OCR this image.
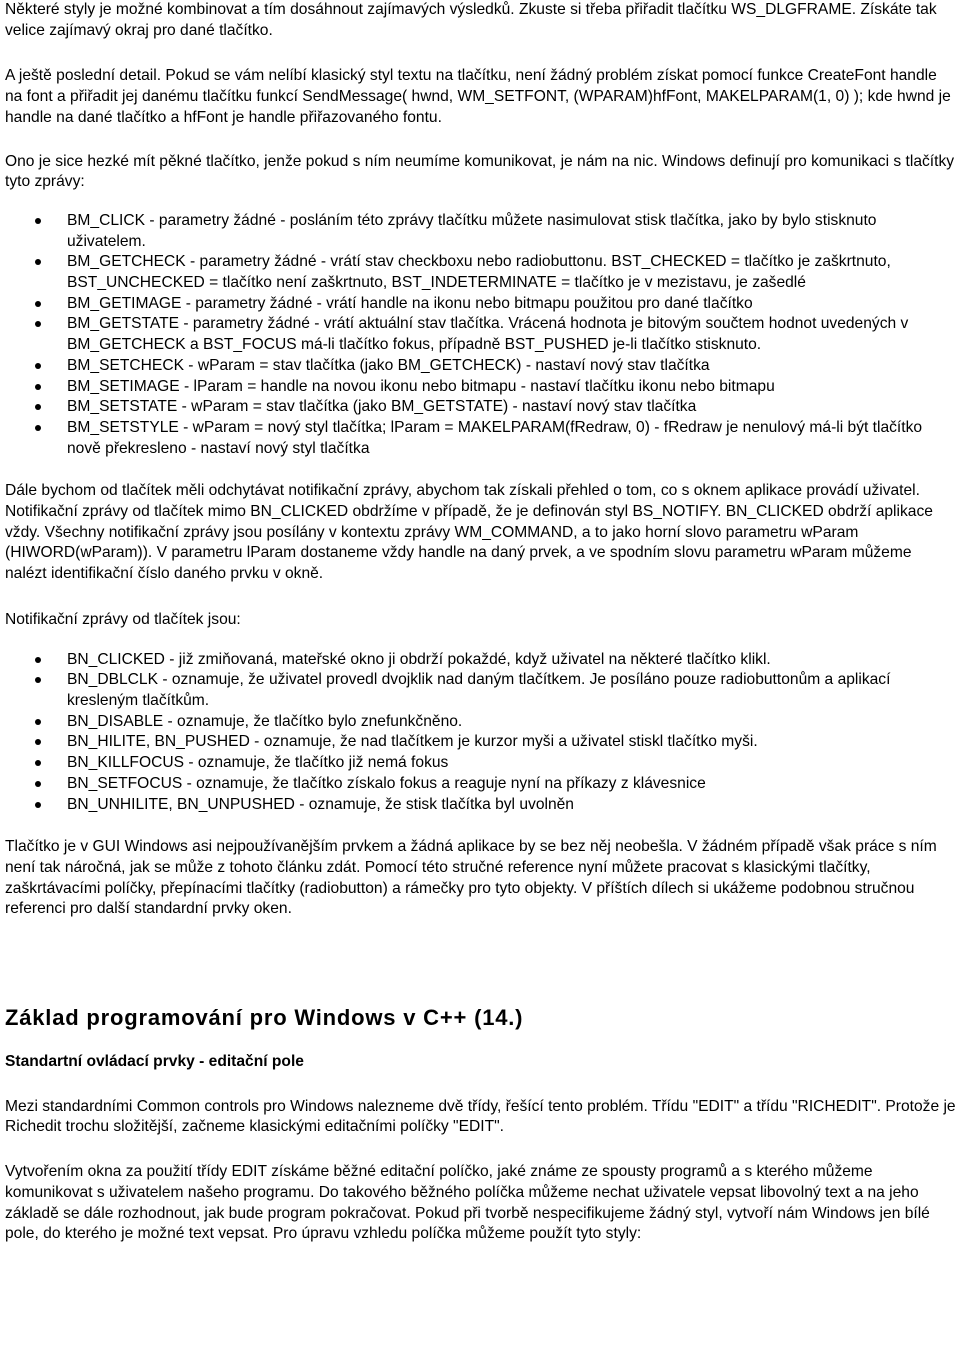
Některé styly je možné kombinovat a tím dosáhnout zajímavých výsledků. Zkuste si třeba přiřadit tlačítku WS_DLGFRAME. Získáte tak velice zajímavý okraj pro dané tlačítko.

A ještě poslední detail. Pokud se vám nelíbí klasický styl textu na tlačítku, není žádný problém získat pomocí funkce CreateFont handle na font a přiřadit jej danému tlačítku funkcí SendMessage( hwnd, WM_SETFONT, (WPARAM)hfFont, MAKELPARAM(1, 0) ); kde hwnd je handle na dané tlačítko a hfFont je handle přiřazovaného fontu.

Ono je sice hezké mít pěkné tlačítko, jenže pokud s ním neumíme komunikovat, je nám na nic. Windows definují pro komunikaci s tlačítky tyto zprávy:

BM_CLICK - parametry žádné - posláním této zprávy tlačítku můžete nasimulovat stisk tlačítka, jako by bylo stisknuto uživatelem.
BM_GETCHECK - parametry žádné - vrátí stav checkboxu nebo radiobuttonu. BST_CHECKED = tlačítko je zaškrtnuto, BST_UNCHECKED = tlačítko není zaškrtnuto, BST_INDETERMINATE = tlačítko je v mezistavu, je zašedlé
BM_GETIMAGE - parametry žádné - vrátí handle na ikonu nebo bitmapu použitou pro dané tlačítko
BM_GETSTATE - parametry žádné - vrátí aktuální stav tlačítka. Vrácená hodnota je bitovým součtem hodnot uvedených v BM_GETCHECK a BST_FOCUS má-li tlačítko fokus, případně BST_PUSHED je-li tlačítko stisknuto.
BM_SETCHECK - wParam = stav tlačítka (jako BM_GETCHECK) - nastaví nový stav tlačítka
BM_SETIMAGE - lParam = handle na novou ikonu nebo bitmapu - nastaví tlačítku ikonu nebo bitmapu
BM_SETSTATE - wParam = stav tlačítka (jako BM_GETSTATE) - nastaví nový stav tlačítka
BM_SETSTYLE - wParam = nový styl tlačítka; lParam = MAKELPARAM(fRedraw, 0) - fRedraw je nenulový má-li být tlačítko nově překresleno - nastaví nový styl tlačítka

Dále bychom od tlačítek měli odchytávat notifikační zprávy, abychom tak získali přehled o tom, co s oknem aplikace provádí uživatel. Notifikační zprávy od tlačítek mimo BN_CLICKED obdržíme v případě, že je definován styl BS_NOTIFY. BN_CLICKED obdrží aplikace vždy. Všechny notifikační zprávy jsou posílány v kontextu zprávy WM_COMMAND, a to jako horní slovo parametru wParam (HIWORD(wParam)). V parametru lParam dostaneme vždy handle na daný prvek, a ve spodním slovu parametru wParam můžeme nalézt identifikační číslo daného prvku v okně.

Notifikační zprávy od tlačítek jsou:

BN_CLICKED - již zmiňovaná, mateřské okno ji obdrží pokaždé, když uživatel na některé tlačítko klikl.
BN_DBLCLK - oznamuje, že uživatel provedl dvojklik nad daným tlačítkem. Je posíláno pouze radiobuttonům a aplikací kresleným tlačítkům.
BN_DISABLE - oznamuje, že tlačítko bylo znefunkčněno.
BN_HILITE, BN_PUSHED - oznamuje, že nad tlačítkem je kurzor myši a uživatel stiskl tlačítko myši.
BN_KILLFOCUS - oznamuje, že tlačítko již nemá fokus
BN_SETFOCUS - oznamuje, že tlačítko získalo fokus a reaguje nyní na příkazy z klávesnice
BN_UNHILITE, BN_UNPUSHED - oznamuje, že stisk tlačítka byl uvolněn

Tlačítko je v GUI Windows asi nejpoužívanějším prvkem a žádná aplikace by se bez něj neobešla. V žádném případě však práce s ním není tak náročná, jak se může z tohoto článku zdát. Pomocí této stručné reference nyní můžete pracovat s klasickými tlačítky, zaškrtávacími políčky, přepínacími tlačítky (radiobutton) a rámečky pro tyto objekty. V příštích dílech si ukážeme podobnou stručnou referenci pro další standardní prvky oken.

Základ programování pro Windows v C++ (14.)
Standartní ovládací prvky - editační pole

Mezi standardními Common controls pro Windows nalezneme dvě třídy, řešící tento problém. Třídu "EDIT" a třídu "RICHEDIT". Protože je Richedit trochu složitější, začneme klasickými editačními políčky "EDIT".

Vytvořením okna za použití třídy EDIT získáme běžné editační políčko, jaké známe ze spousty programů a s kterého můžeme komunikovat s uživatelem našeho programu. Do takového běžného políčka můžeme nechat uživatele vepsat libovolný text a na jeho základě se dále rozhodnout, jak bude program pokračovat. Pokud při tvorbě nespecifikujeme žádný styl, vytvoří nám Windows jen bílé pole, do kterého je možné text vepsat. Pro úpravu vzhledu políčka můžeme použít tyto styly:
